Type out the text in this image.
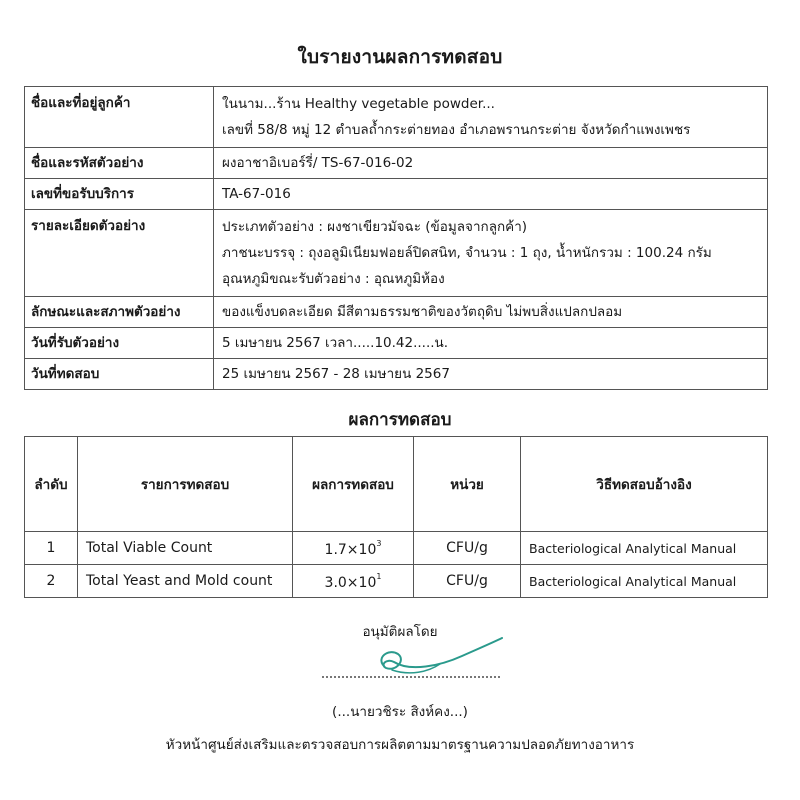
ใบรายงานผลการทดสอบ
ชื่อและที่อยู่ลูกค้า	ในนาม...ร้าน Healthy vegetable powder...
เลขที่ 58/8 หมู่ 12 ตำบลถ้ำกระต่ายทอง อำเภอพรานกระต่าย จังหวัดกำแพงเพชร

ชื่อและรหัสตัวอย่าง	ผงอาชาอิเบอร์รี่/ TS-67-016-02
เลขที่ขอรับบริการ	TA-67-016
รายละเอียดตัวอย่าง	ประเภทตัวอย่าง : ผงชาเขียวมัจฉะ (ข้อมูลจากลูกค้า)
ภาชนะบรรจุ : ถุงอลูมิเนียมฟอยล์ปิดสนิท, จำนวน : 1 ถุง, น้ำหนักรวม : 100.24 กรัม
อุณหภูมิขณะรับตัวอย่าง : อุณหภูมิห้อง

ลักษณะและสภาพตัวอย่าง	ของแข็งบดละเอียด มีสีตามธรรมชาติของวัตถุดิบ ไม่พบสิ่งแปลกปลอม
วันที่รับตัวอย่าง	5 เมษายน 2567 เวลา.....10.42.....น.
วันที่ทดสอบ	25 เมษายน 2567 - 28 เมษายน 2567
ผลการทดสอบ
ลำดับ	รายการทดสอบ	ผลการทดสอบ	หน่วย	วิธีทดสอบอ้างอิง
1	Total Viable Count	$1.7\times 10^3$	CFU/g	Bacteriological Analytical Manual
2	Total Yeast and Mold count	$3.0\times 10^1$	CFU/g	Bacteriological Analytical Manual
อนุมัติผลโดย
(...นายวชิระ สิงห์คง...)
หัวหน้าศูนย์ส่งเสริมและตรวจสอบการผลิตตามมาตรฐานความปลอดภัยทางอาหาร
